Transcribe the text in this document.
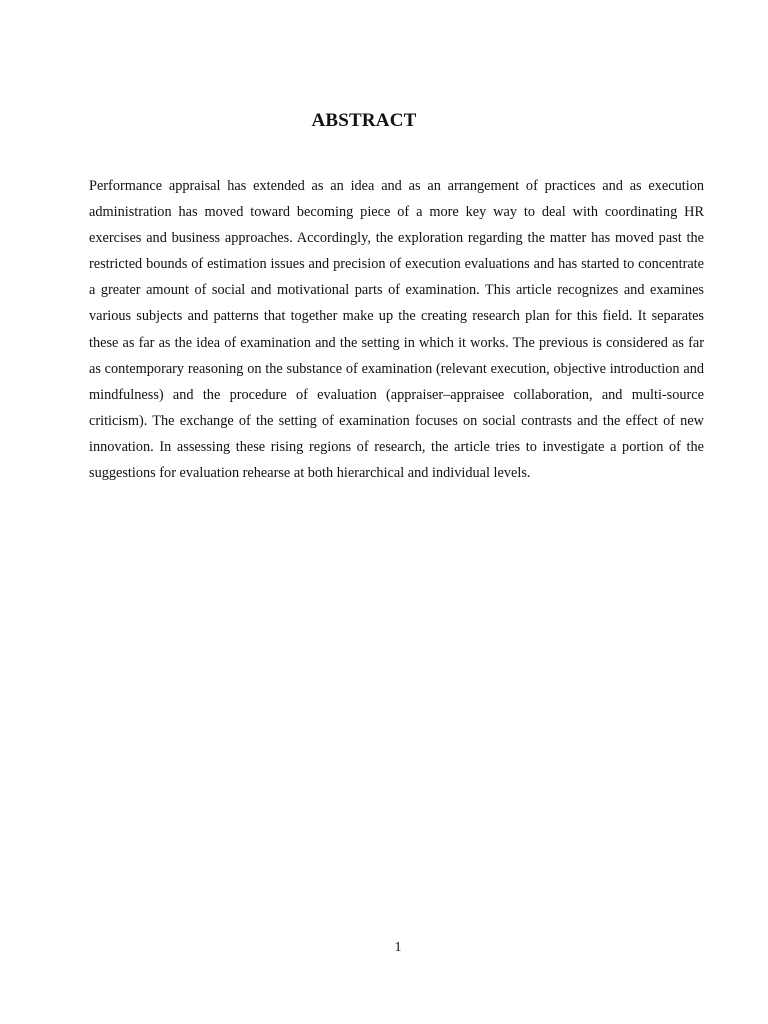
ABSTRACT

Performance appraisal has extended as an idea and as an arrangement of practices and as execution administration has moved toward becoming piece of a more key way to deal with coordinating HR exercises and business approaches. Accordingly, the exploration regarding the matter has moved past the restricted bounds of estimation issues and precision of execution evaluations and has started to concentrate a greater amount of social and motivational parts of examination. This article recognizes and examines various subjects and patterns that together make up the creating research plan for this field. It separates these as far as the idea of examination and the setting in which it works. The previous is considered as far as contemporary reasoning on the substance of examination (relevant execution, objective introduction and mindfulness) and the procedure of evaluation (appraiser–appraisee collaboration, and multi-source criticism). The exchange of the setting of examination focuses on social contrasts and the effect of new innovation. In assessing these rising regions of research, the article tries to investigate a portion of the suggestions for evaluation rehearse at both hierarchical and individual levels.

1
